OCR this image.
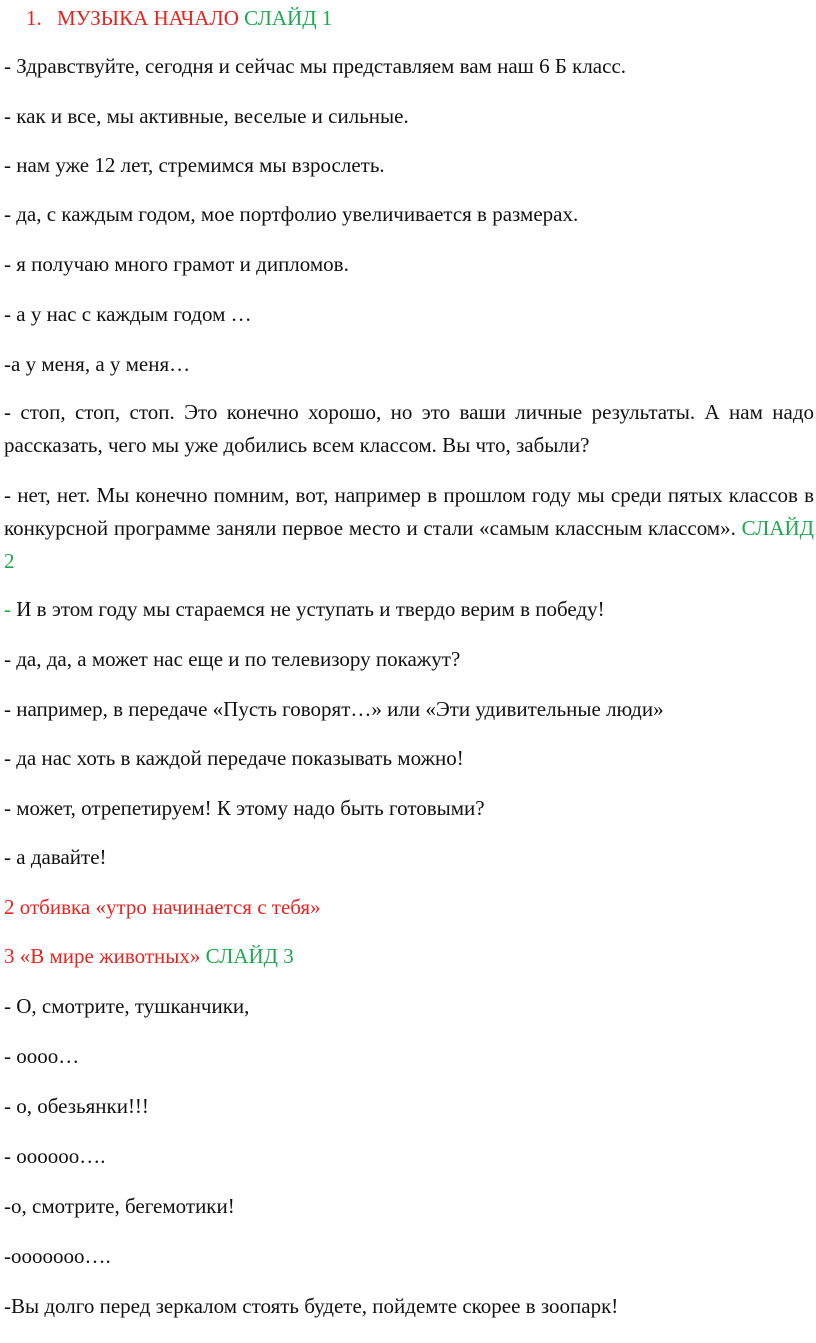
1. МУЗЫКА НАЧАЛО СЛАЙД 1
- Здравствуйте, сегодня и сейчас мы представляем вам наш 6 Б класс.
- как и все, мы активные, веселые и сильные.
- нам уже 12 лет, стремимся мы взрослеть.
- да, с каждым годом, мое портфолио увеличивается в размерах.
- я получаю много грамот и дипломов.
- а у нас с каждым годом …
-а у меня, а у меня…
- стоп, стоп, стоп. Это конечно хорошо, но это ваши личные результаты. А нам надо рассказать, чего мы уже добились всем классом. Вы что, забыли?
- нет, нет. Мы конечно помним, вот, например в прошлом году мы среди пятых классов в конкурсной программе заняли первое место и стали «самым классным классом». СЛАЙД 2
- И в этом году мы стараемся не уступать и твердо верим в победу!
- да, да, а может нас еще и по телевизору покажут?
- например, в передаче «Пусть говорят…» или «Эти удивительные люди»
- да нас хоть в каждой передаче показывать можно!
- может, отрепетируем! К этому надо быть готовыми?
- а давайте!
2 отбивка «утро начинается с тебя»
3 «В мире животных» СЛАЙД 3
- О, смотрите, тушканчики,
- оооо…
- о, обезьянки!!!
- оооооо….
-о, смотрите, бегемотики!
-ооооооо….
-Вы долго перед зеркалом стоять будете, пойдемте скорее в зоопарк!
